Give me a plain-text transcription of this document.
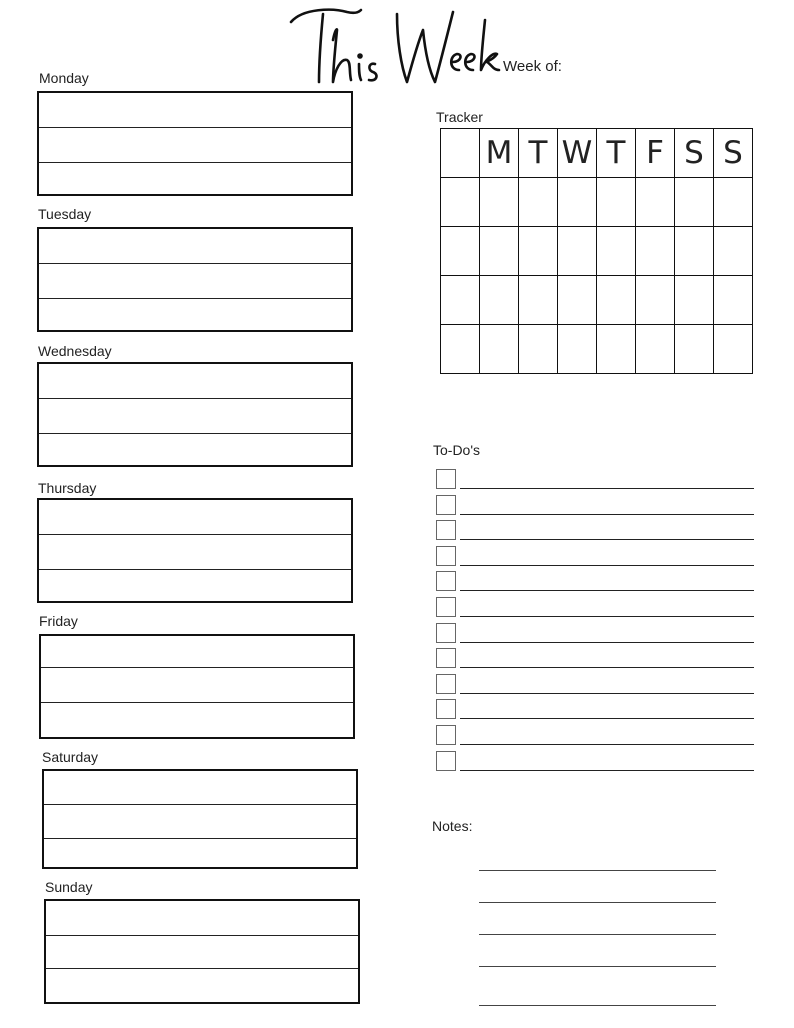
Week of:
Monday
Tuesday
Wednesday
Thursday
Friday
Saturday
Sunday
Tracker
	M	T	W	T	F	S	S

To-Do's
Notes:
